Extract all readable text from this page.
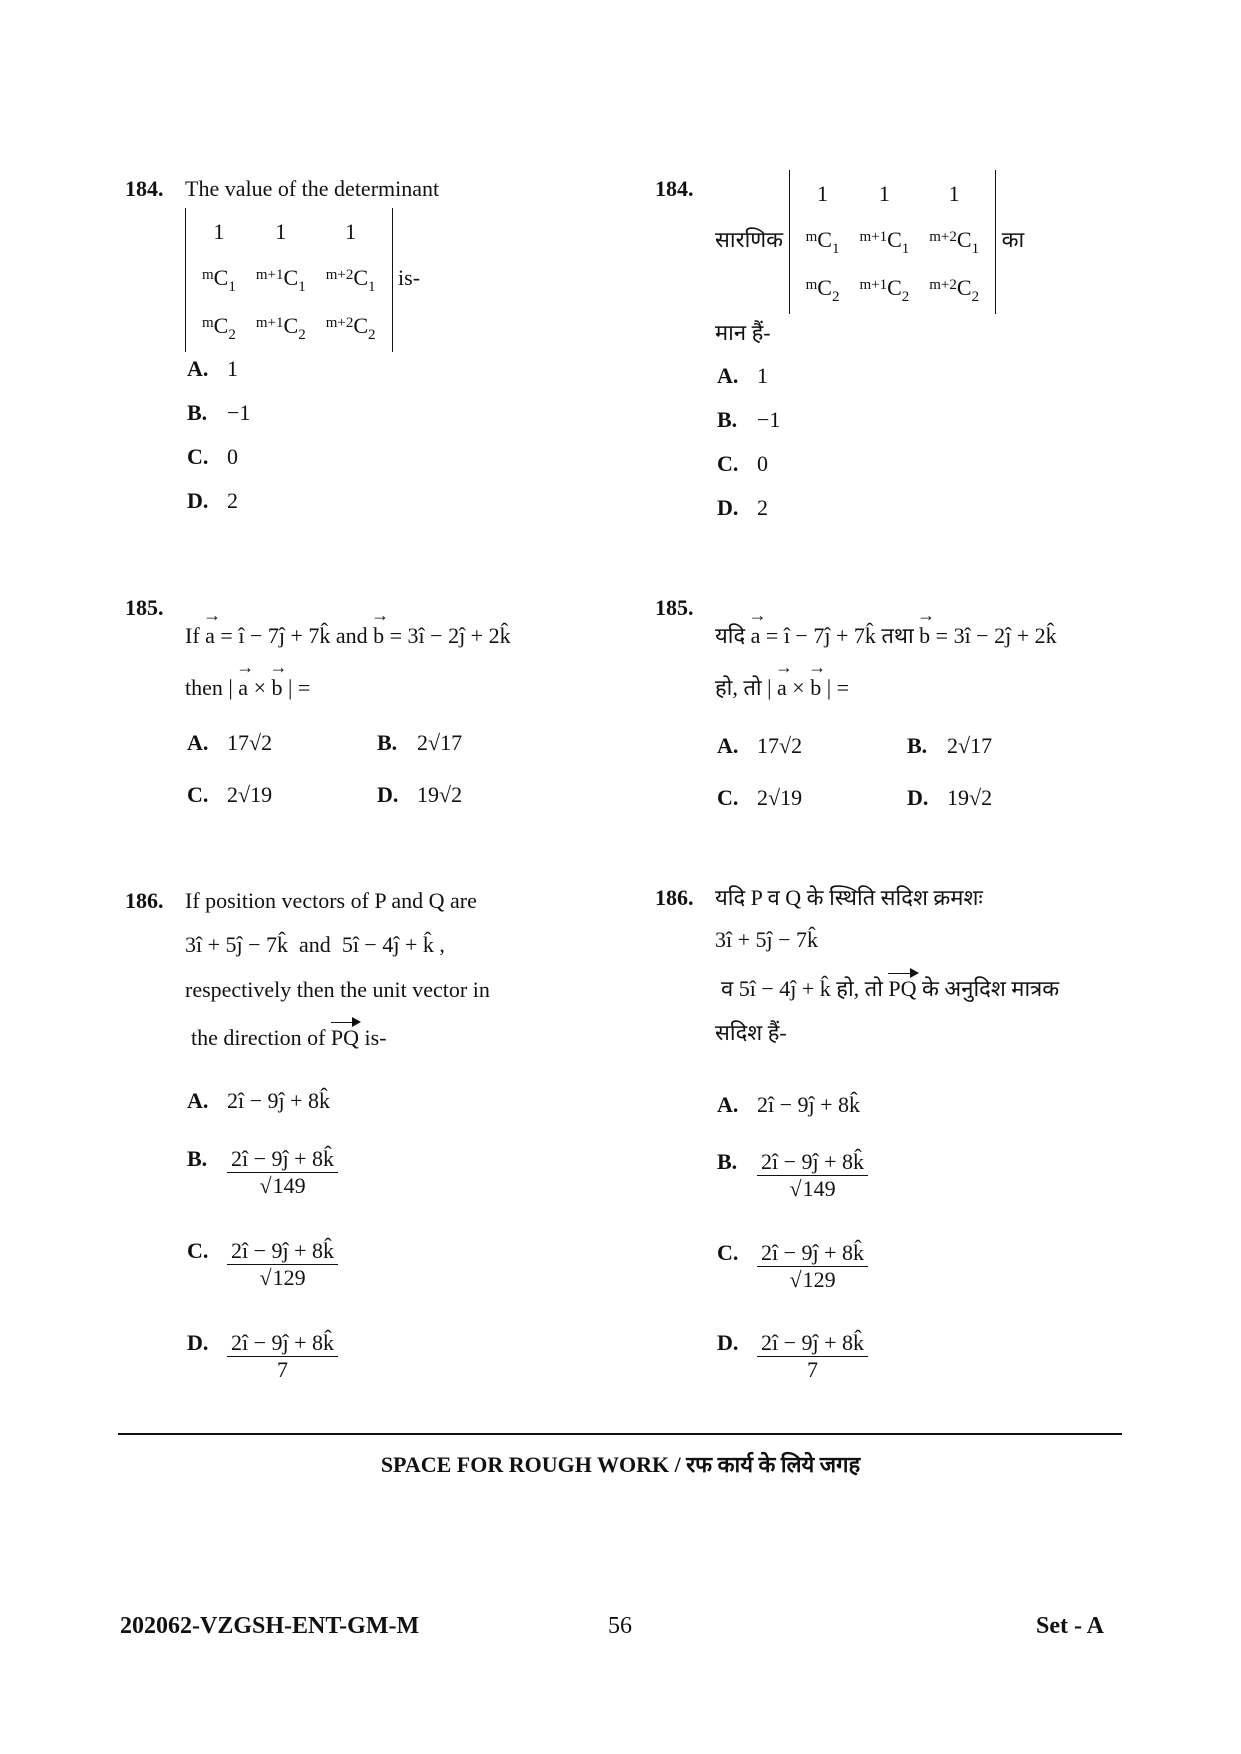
184. The value of the determinant
1	1	1
$^mC_1$	$^{m+1}C_1$	$^{m+2}C_1$
$^mC_2$	$^{m+1}C_2$	$^{m+2}C_2$
is-
A. 1
B. −1
C. 0
D. 2
185.
If → a = î − 7ĵ + 7k̂ and → b = 3î − 2ĵ + 2k̂
then | → a × → b | =
A. 17√2	B. 2√17
C. 2√19	D. 19√2
186. If position vectors of P and Q are
3î + 5ĵ − 7k̂  and  5î − 4ĵ + k̂ ,
respectively then the unit vector in
the direction of PQ is-
A. 2î − 9ĵ + 8k̂
B. $\frac{2î - 9ĵ + 8k̂}{√149}$
C. $\frac{2î - 9ĵ + 8k̂}{√129}$
D. $\frac{2î - 9ĵ + 8k̂}{7}$
184.
सारणिक
1	1	1
$^mC_1$	$^{m+1}C_1$	$^{m+2}C_1$
$^mC_2$	$^{m+1}C_2$	$^{m+2}C_2$
का
मान हैं-
A. 1
B. −1
C. 0
D. 2
185.
यदि → a = î − 7ĵ + 7k̂ तथा → b = 3î − 2ĵ + 2k̂
हो, तो | → a × → b | =
A. 17√2	B. 2√17
C. 2√19	D. 19√2
186. यदि P व Q के स्थिति सदिश क्रमशः
3î + 5ĵ − 7k̂
व 5î − 4ĵ + k̂ हो, तो PQ के अनुदिश मात्रक
सदिश हैं-
A. 2î − 9ĵ + 8k̂
B. $\frac{2î - 9ĵ + 8k̂}{√149}$
C. $\frac{2î - 9ĵ + 8k̂}{√129}$
D. $\frac{2î - 9ĵ + 8k̂}{7}$
SPACE FOR ROUGH WORK / रफ कार्य के लिये जगह
202062-VZGSH-ENT-GM-M	56	Set - A
